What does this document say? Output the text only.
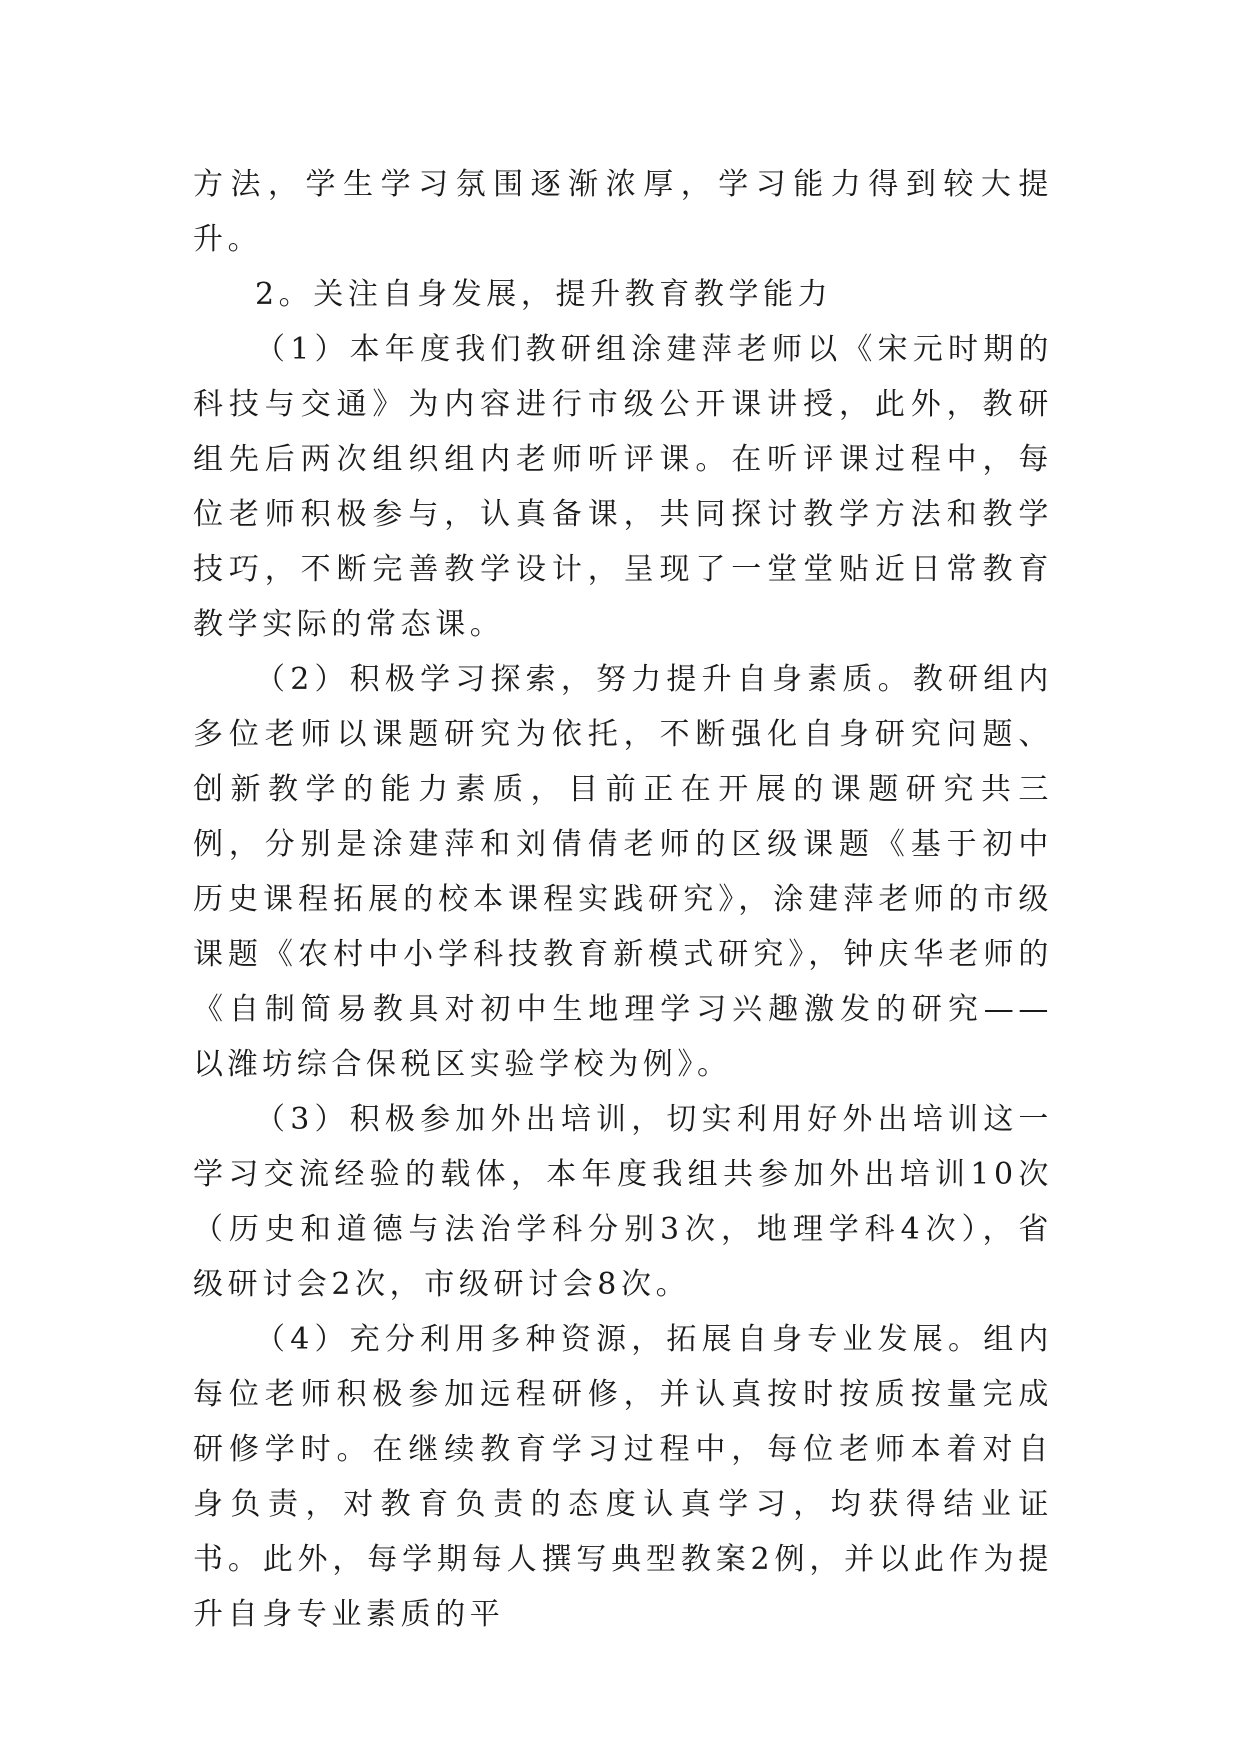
方法，学生学习氛围逐渐浓厚，学习能力得到较大提升。

2。关注自身发展，提升教育教学能力

（1）本年度我们教研组涂建萍老师以《宋元时期的科技与交通》为内容进行市级公开课讲授，此外，教研组先后两次组织组内老师听评课。在听评课过程中，每位老师积极参与，认真备课，共同探讨教学方法和教学技巧，不断完善教学设计，呈现了一堂堂贴近日常教育教学实际的常态课。

（2）积极学习探索，努力提升自身素质。教研组内多位老师以课题研究为依托，不断强化自身研究问题、创新教学的能力素质，目前正在开展的课题研究共三例，分别是涂建萍和刘倩倩老师的区级课题《基于初中历史课程拓展的校本课程实践研究》，涂建萍老师的市级课题《农村中小学科技教育新模式研究》，钟庆华老师的《自制简易教具对初中生地理学习兴趣激发的研究——以潍坊综合保税区实验学校为例》。

（3）积极参加外出培训，切实利用好外出培训这一学习交流经验的载体，本年度我组共参加外出培训10次（历史和道德与法治学科分别3次，地理学科4次），省级研讨会2次，市级研讨会8次。

（4）充分利用多种资源，拓展自身专业发展。组内每位老师积极参加远程研修，并认真按时按质按量完成研修学时。在继续教育学习过程中，每位老师本着对自身负责，对教育负责的态度认真学习，均获得结业证书。此外，每学期每人撰写典型教案2例，并以此作为提升自身专业素质的平
